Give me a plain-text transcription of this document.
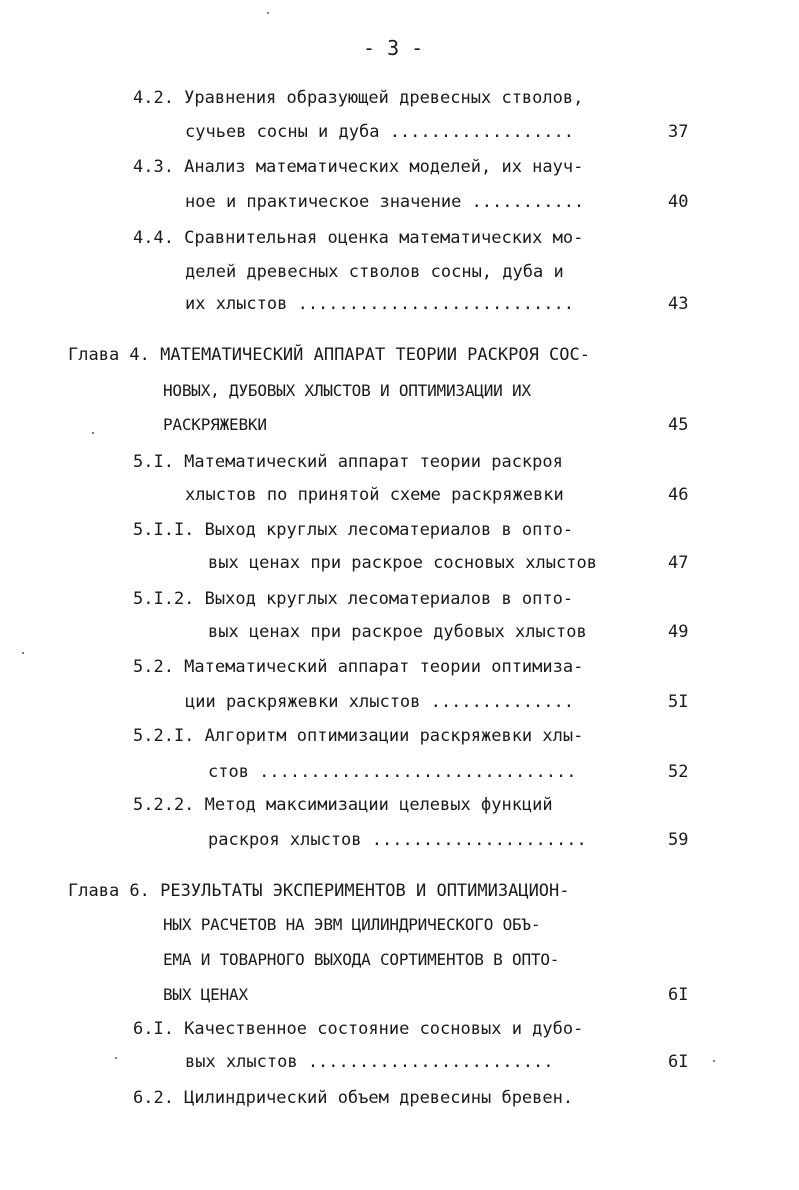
- 3 -
4.2. Уравнения образующей древесных стволов,
сучьев сосны и дуба ..................	37
4.3. Анализ математических моделей, их науч-
ное и практическое значение ...........	40
4.4. Сравнительная оценка математических мо-
делей древесных стволов сосны, дуба и
их хлыстов ...........................	43
Глава 4. МАТЕМАТИЧЕСКИЙ АППАРАТ ТЕОРИИ РАСКРОЯ СОС-
НОВЫХ, ДУБОВЫХ ХЛЫСТОВ И ОПТИМИЗАЦИИ ИХ
РАСКРЯЖЕВКИ	45
5.I. Математический аппарат теории раскроя
хлыстов по принятой схеме раскряжевки	46
5.I.I. Выход круглых лесоматериалов в опто-
вых ценах при раскрое сосновых хлыстов	47
5.I.2. Выход круглых лесоматериалов в опто-
вых ценах при раскрое дубовых хлыстов	49
5.2. Математический аппарат теории оптимиза-
ции раскряжевки хлыстов ..............	5I
5.2.I. Алгоритм оптимизации раскряжевки хлы-
стов ...............................	52
5.2.2. Метод максимизации целевых функций
раскроя хлыстов .....................	59
Глава 6. РЕЗУЛЬТАТЫ ЭКСПЕРИМЕНТОВ И ОПТИМИЗАЦИОН-
НЫХ РАСЧЕТОВ НА ЭВМ ЦИЛИНДРИЧЕСКОГО ОБЪ-
ЕМА И ТОВАРНОГО ВЫХОДА СОРТИМЕНТОВ В ОПТО-
ВЫХ ЦЕНАХ	6I
6.I. Качественное состояние сосновых и дубо-
вых хлыстов ........................	6I
6.2. Цилиндрический объем древесины бревен.
